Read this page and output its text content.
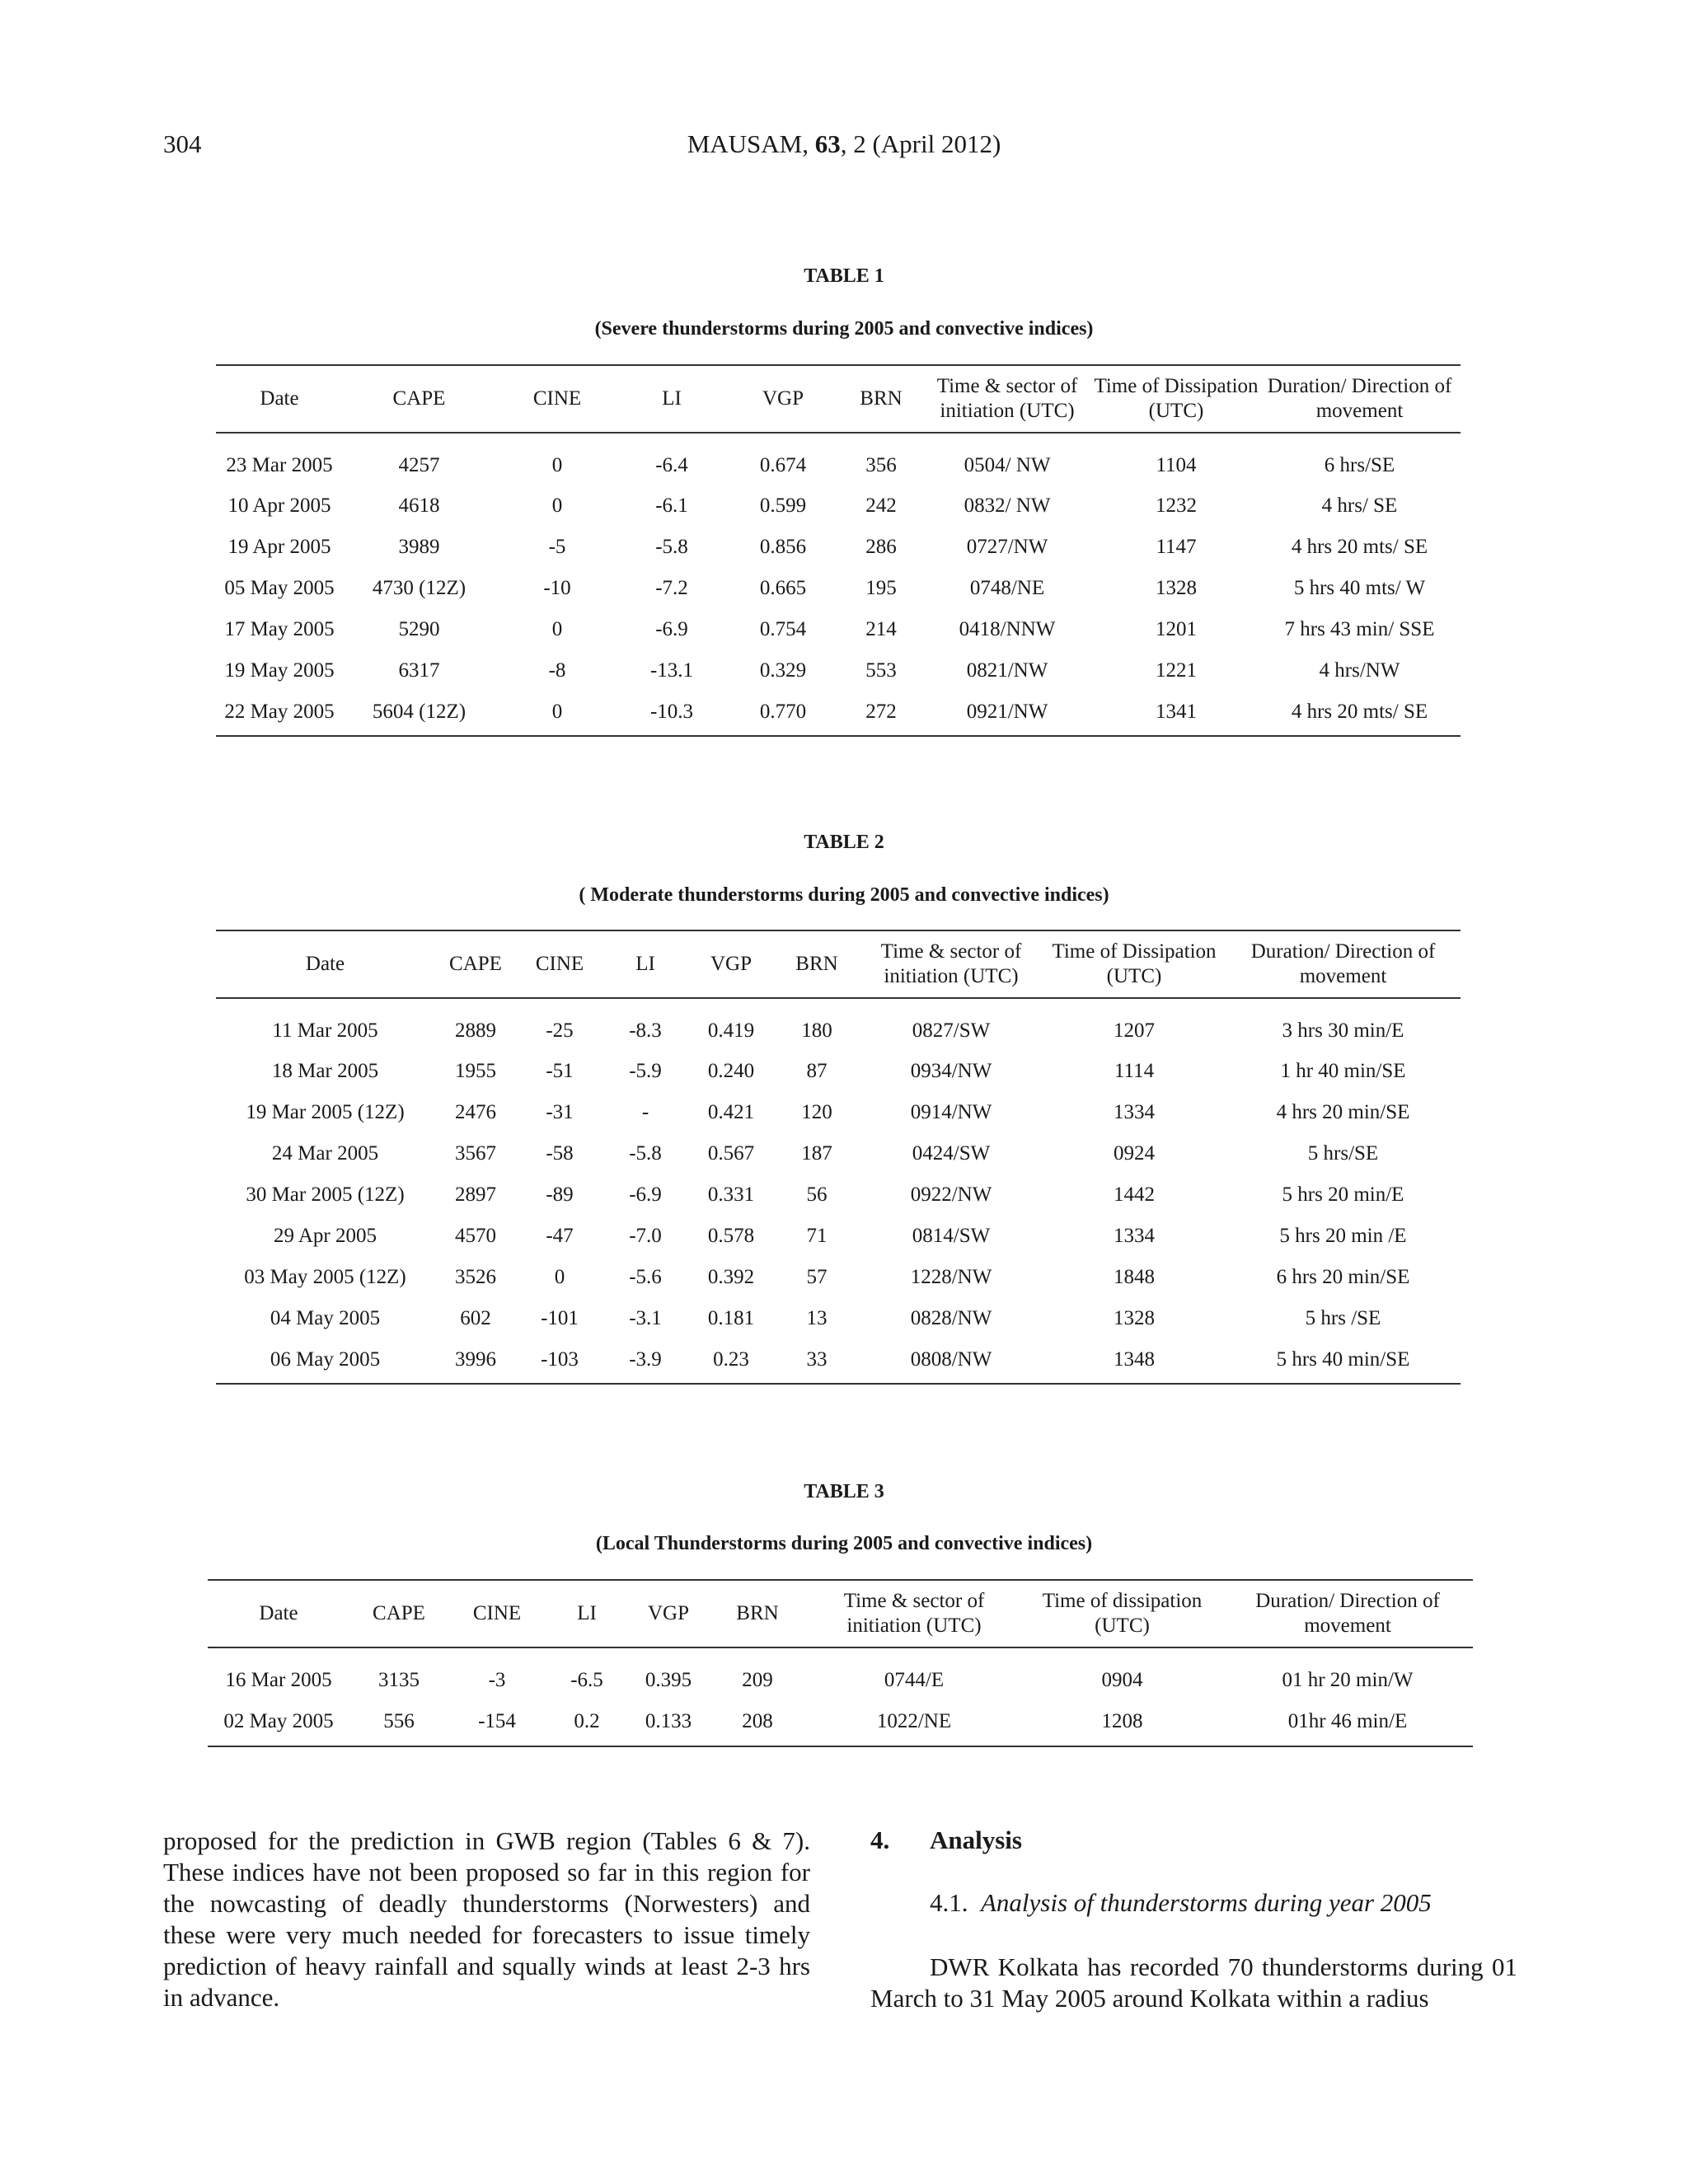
304	MAUSAM, 63, 2 (April 2012)
TABLE 1
(Severe thunderstorms during 2005 and convective indices)
Date	CAPE	CINE	LI	VGP	BRN	Time & sector of initiation (UTC)	Time of Dissipation (UTC)	Duration/ Direction of movement
23 Mar 2005	4257	0	-6.4	0.674	356	0504/ NW	1104	6 hrs/SE
10 Apr 2005	4618	0	-6.1	0.599	242	0832/ NW	1232	4 hrs/ SE
19 Apr 2005	3989	-5	-5.8	0.856	286	0727/NW	1147	4 hrs 20 mts/ SE
05 May 2005	4730 (12Z)	-10	-7.2	0.665	195	0748/NE	1328	5 hrs 40 mts/ W
17 May 2005	5290	0	-6.9	0.754	214	0418/NNW	1201	7 hrs 43 min/ SSE
19 May 2005	6317	-8	-13.1	0.329	553	0821/NW	1221	4 hrs/NW
22 May 2005	5604 (12Z)	0	-10.3	0.770	272	0921/NW	1341	4 hrs 20 mts/ SE
TABLE 2
( Moderate thunderstorms during 2005 and convective indices)
Date	CAPE	CINE	LI	VGP	BRN	Time & sector of initiation (UTC)	Time of Dissipation (UTC)	Duration/ Direction of movement
11 Mar 2005	2889	-25	-8.3	0.419	180	0827/SW	1207	3 hrs 30 min/E
18 Mar 2005	1955	-51	-5.9	0.240	87	0934/NW	1114	1 hr 40 min/SE
19 Mar 2005 (12Z)	2476	-31	-	0.421	120	0914/NW	1334	4 hrs 20 min/SE
24 Mar 2005	3567	-58	-5.8	0.567	187	0424/SW	0924	5 hrs/SE
30 Mar 2005 (12Z)	2897	-89	-6.9	0.331	56	0922/NW	1442	5 hrs 20 min/E
29 Apr 2005	4570	-47	-7.0	0.578	71	0814/SW	1334	5 hrs 20 min /E
03 May 2005 (12Z)	3526	0	-5.6	0.392	57	1228/NW	1848	6 hrs 20 min/SE
04 May 2005	602	-101	-3.1	0.181	13	0828/NW	1328	5 hrs /SE
06 May 2005	3996	-103	-3.9	0.23	33	0808/NW	1348	5 hrs 40 min/SE
TABLE 3
(Local Thunderstorms during 2005 and convective indices)
Date	CAPE	CINE	LI	VGP	BRN	Time & sector of initiation (UTC)	Time of dissipation (UTC)	Duration/ Direction of movement
16 Mar 2005	3135	-3	-6.5	0.395	209	0744/E	0904	01 hr 20 min/W
02 May 2005	556	-154	0.2	0.133	208	1022/NE	1208	01hr 46 min/E
proposed for the prediction in GWB region (Tables 6 & 7). These indices have not been proposed so far in this region for the nowcasting of deadly thunderstorms (Norwesters) and these were very much needed for forecasters to issue timely prediction of heavy rainfall and squally winds at least 2-3 hrs in advance.
4. Analysis
4.1. Analysis of thunderstorms during year 2005
DWR Kolkata has recorded 70 thunderstorms during 01 March to 31 May 2005 around Kolkata within a radius
